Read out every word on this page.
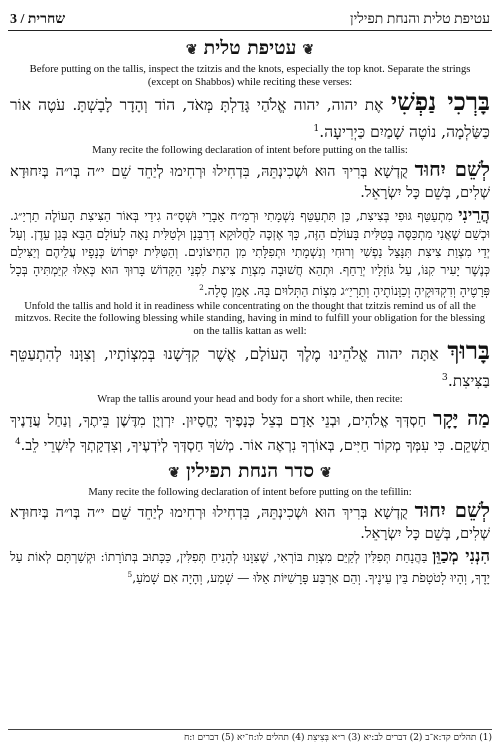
שחרית / 3	עטיפת טלית והנחת תפילין
❦עטיפת טלית❦
Before putting on the tallis, inspect the tzitzis and the knots, especially the top knot. Separate the strings (except on Shabbos) while reciting these verses:
בָּרְכִי נַפְשִׁי אֶת יהוה, יהוה אֱלֹהַי גָּדַלְתָּ מְּאֹד, הוֹד וְהָדָר לָבָשְׁתָּ. עֹטֶה אוֹר כַּשַּׂלְמָה, נוֹטֶה שָׁמַיִם כַּיְרִיעָה.$^1$
Many recite the following declaration of intent before putting on the tallis:
לְשֵׁם יִחוּד קֻדְשָׁא בְּרִיךְ הוּא וּשְׁכִינְתֵּהּ, בִּדְחִילוּ וּרְחִימוּ לְיַחֵד שֵׁם י״ה בְּו״ה בְּיִחוּדָא שְׁלִים, בְּשֵׁם כָּל יִשְׂרָאֵל.
הֲרֵינִי מִתְעַטֵּף גּוּפִי בְּצִיצִת, כֵּן תִּתְעַטֵּף נִשְׁמָתִי וּרְמַ״ח אֵבָרַי וּשְׁסָ״ה גִידַי בְּאוֹר הַצִּיצִת הָעוֹלֶה תַרְיַ״ג. וּכְשֵׁם שֶׁאֲנִי מִתְכַּסֶּה בְּטַלִּית בָּעוֹלָם הַזֶּה, כָּךְ אֶזְכֶּה לַחֲלוּקָא דְרַבָּנָן וּלְטַלִּית נָאָה לָעוֹלָם הַבָּא בְּגַן עֵדֶן. וְעַל יְדֵי מִצְוַת צִיצִת תִּנָּצֵל נַפְשִׁי וְרוּחִי וְנִשְׁמָתִי וּתְפִלָּתִי מִן הַחִיצוֹנִים. וְהַטַּלִּית יִפְרוֹשׂ כְּנָפָיו עֲלֵיהֶם וְיַצִּילֵם כְּנֶשֶׁר יָעִיר קִנּוֹ, עַל גּוֹזָלָיו יְרַחֵף. וּתְהֵא חֲשׁוּבָה מִצְוַת צִיצִת לִפְנֵי הַקָּדוֹשׁ בָּרוּךְ הוּא כְּאִלּוּ קִיַּמְתִּיהָ בְּכָל פְּרָטֶיהָ וְדִקְדּוּקֶיהָ וְכַוָּנוֹתֶיהָ וְתַרְיַ״ג מִצְוֹת הַתְּלוּיִם בָּהּ. אָמֵן סֶלָה.$^2$
Unfold the tallis and hold it in readiness while concentrating on the thought that tzitzis remind us of all the mitzvos. Recite the following blessing while standing, having in mind to fulfill your obligation for the blessing on the tallis kattan as well:
בָּרוּךְ אַתָּה יהוה אֱלֹהֵינוּ מֶלֶךְ הָעוֹלָם, אֲשֶׁר קִדְּשָׁנוּ בְּמִצְוֹתָיו, וְצִוָּנוּ לְהִתְעַטֵּף בַּצִּיצִת.$^3$
Wrap the tallis around your head and body for a short while, then recite:
מַה יָּקָר חַסְדְּךָ אֱלֹהִים, וּבְנֵי אָדָם בְּצֵל כְּנָפֶיךָ יֶחֱסָיוּן. יִרְוְיֻן מִדֶּשֶׁן בֵּיתֶךָ, וְנַחַל עֲדָנֶיךָ תַשְׁקֵם. כִּי עִמְּךָ מְקוֹר חַיִּים, בְּאוֹרְךָ נִרְאֶה אוֹר. מְשֹׁךְ חַסְדְּךָ לְיֹדְעֶיךָ, וְצִדְקָתְךָ לְיִשְׁרֵי לֵב.$^4$
❦סדר הנחת תפילין❦
Many recite the following declaration of intent before putting on the tefillin:
לְשֵׁם יִחוּד קֻדְשָׁא בְּרִיךְ הוּא וּשְׁכִינְתֵּהּ, בִּדְחִילוּ וּרְחִימוּ לְיַחֵד שֵׁם י״ה בְּו״ה בְּיִחוּדָא שְׁלִים, בְּשֵׁם כָּל יִשְׂרָאֵל.
הִנְנִי מְכַוֵּן בַּהֲנָחַת תְּפִלִּין לְקַיֵּם מִצְוַת בּוֹרְאִי, שֶׁצִּוָּנוּ לְהָנִיחַ תְּפִלִּין, כַּכָּתוּב בְּתוֹרָתוֹ: וּקְשַׁרְתָּם לְאוֹת עַל יָדֶךָ, וְהָיוּ לְטֹטָפֹת בֵּין עֵינֶיךָ. וְהֵם אַרְבַּע פָּרָשִׁיּוֹת אֵלּוּ — שְׁמַע, וְהָיָה אִם שָׁמֹעַ,$^5$
(1) תהלים קד:א־ב (2) דברים לב:יא (3) ר״א בְּצִיצִת (4) תהלים לו:ח־יא (5) דברים ו:ח
